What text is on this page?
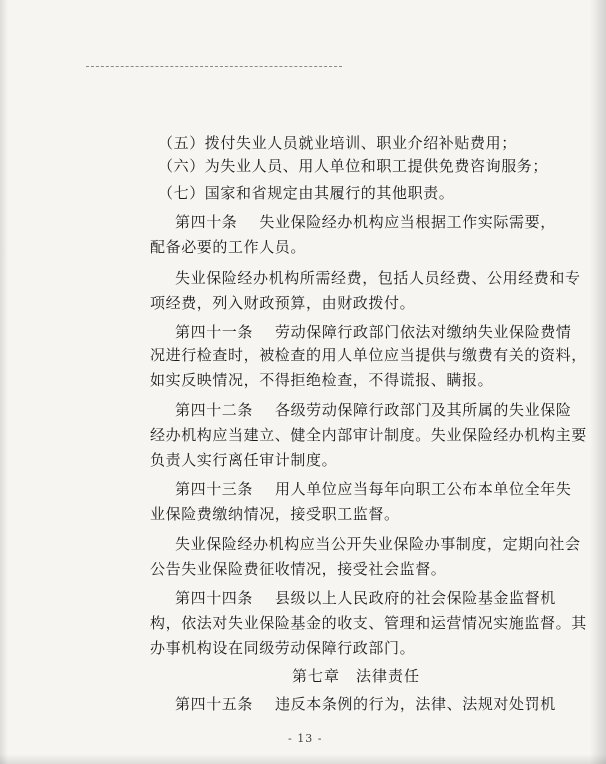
（五）拨付失业人员就业培训、职业介绍补贴费用；
（六）为失业人员、用人单位和职工提供免费咨询服务；
（七）国家和省规定由其履行的其他职责。
第四十条 失业保险经办机构应当根据工作实际需要，
配备必要的工作人员。
失业保险经办机构所需经费，包括人员经费、公用经费和专
项经费，列入财政预算，由财政拨付。
第四十一条 劳动保障行政部门依法对缴纳失业保险费情
况进行检查时，被检查的用人单位应当提供与缴费有关的资料，
如实反映情况，不得拒绝检查，不得谎报、瞒报。
第四十二条 各级劳动保障行政部门及其所属的失业保险
经办机构应当建立、健全内部审计制度。失业保险经办机构主要
负责人实行离任审计制度。
第四十三条 用人单位应当每年向职工公布本单位全年失
业保险费缴纳情况，接受职工监督。
失业保险经办机构应当公开失业保险办事制度，定期向社会
公告失业保险费征收情况，接受社会监督。
第四十四条 县级以上人民政府的社会保险基金监督机
构，依法对失业保险基金的收支、管理和运营情况实施监督。其
办事机构设在同级劳动保障行政部门。
第七章　法律责任
第四十五条 违反本条例的行为，法律、法规对处罚机
- 13 -
